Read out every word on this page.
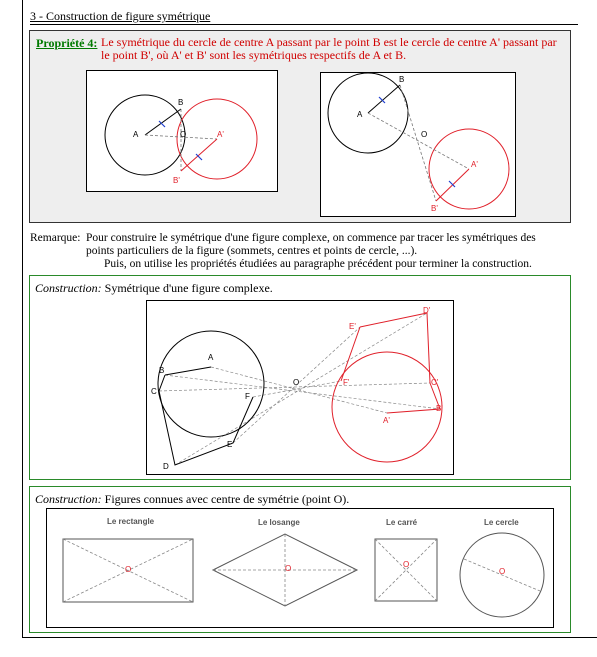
3 - Construction de figure symétrique
Propriété 4: Le symétrique du cercle de centre A passant par le point B est le cercle de centre A' passant par le point B', où A' et B' sont les symétriques respectifs de A et B.
A
B
O	A'
B'
A
B
O
A'
B'
Remarque: Pour construire le symétrique d'une figure complexe, on commence par tracer les symétriques des points particuliers de la figure (sommets, centres et points de cercle, ...).
Puis, on utilise les propriétés étudiées au paragraphe précédent pour terminer la construction.
Construction: Symétrique d'une figure complexe.
A
B
C
D
E
F
O
A'
B'
C'
D'
E'
F'
Construction: Figures connues avec centre de symétrie (point O).
O	O	O
O
Le rectangle	Le losange	Le carré	Le cercle
